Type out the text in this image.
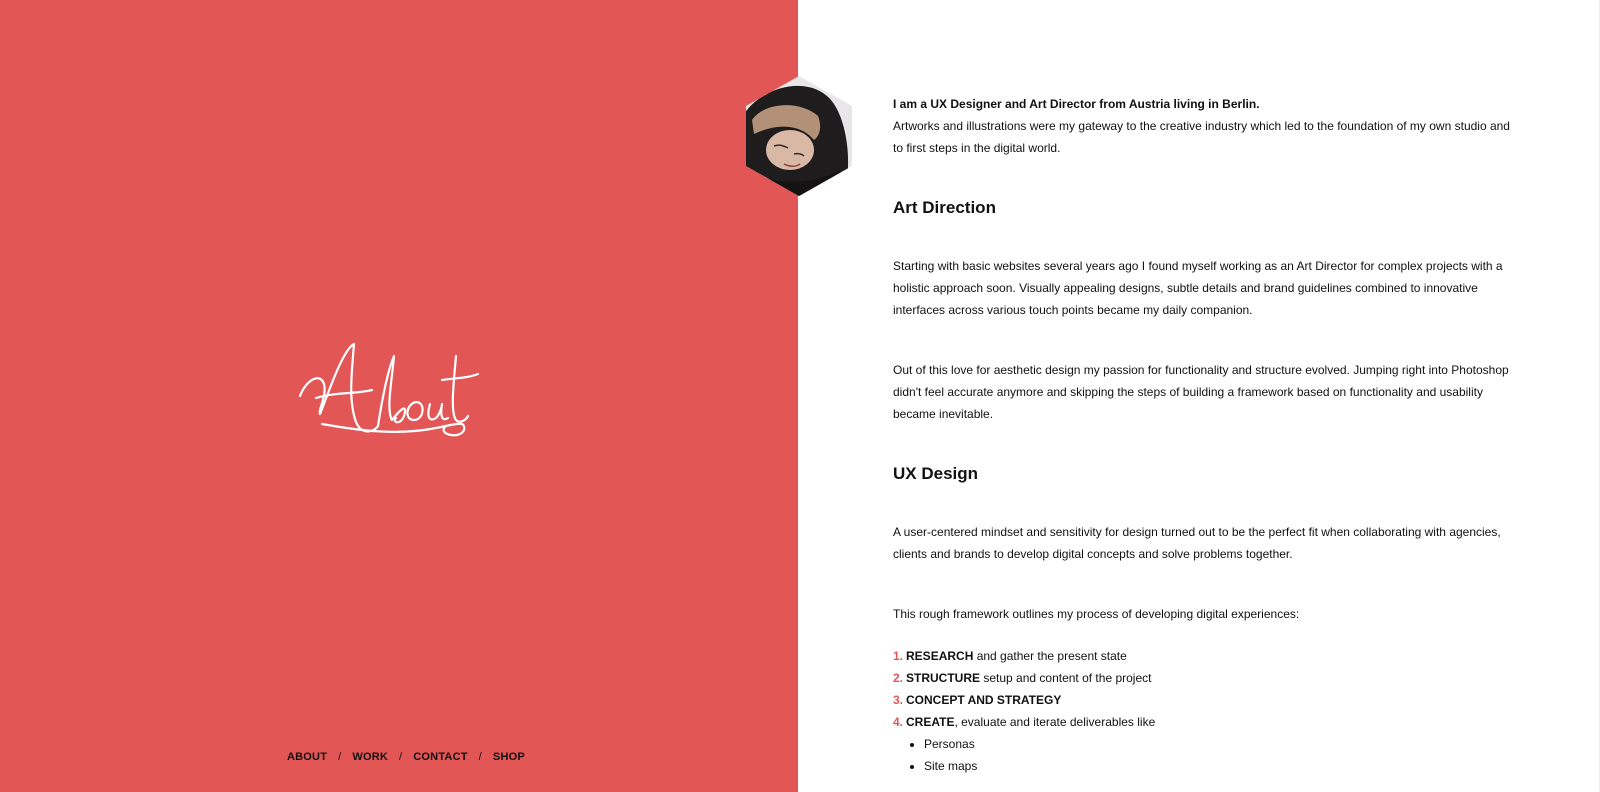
ABOUT / WORK / CONTACT / SHOP

I am a UX Designer and Art Director from Austria living in Berlin.

Artworks and illustrations were my gateway to the creative industry which led to the foundation of my own studio and to first steps in the digital world.

Art Direction

Starting with basic websites several years ago I found myself working as an Art Director for complex projects with a holistic approach soon. Visually appealing designs, subtle details and brand guidelines combined to innovative interfaces across various touch points became my daily companion.

Out of this love for aesthetic design my passion for functionality and structure evolved. Jumping right into Photoshop didn't feel accurate anymore and skipping the steps of building a framework based on functionality and usability became inevitable.

UX Design

A user-centered mindset and sensitivity for design turned out to be the perfect fit when collaborating with agencies, clients and brands to develop digital concepts and solve problems together.

This rough framework outlines my process of developing digital experiences:

1. RESEARCH and gather the present state
2. STRUCTURE setup and content of the project
3. CONCEPT AND STRATEGY
4. CREATE, evaluate and iterate deliverables like
• Personas
• Site maps
